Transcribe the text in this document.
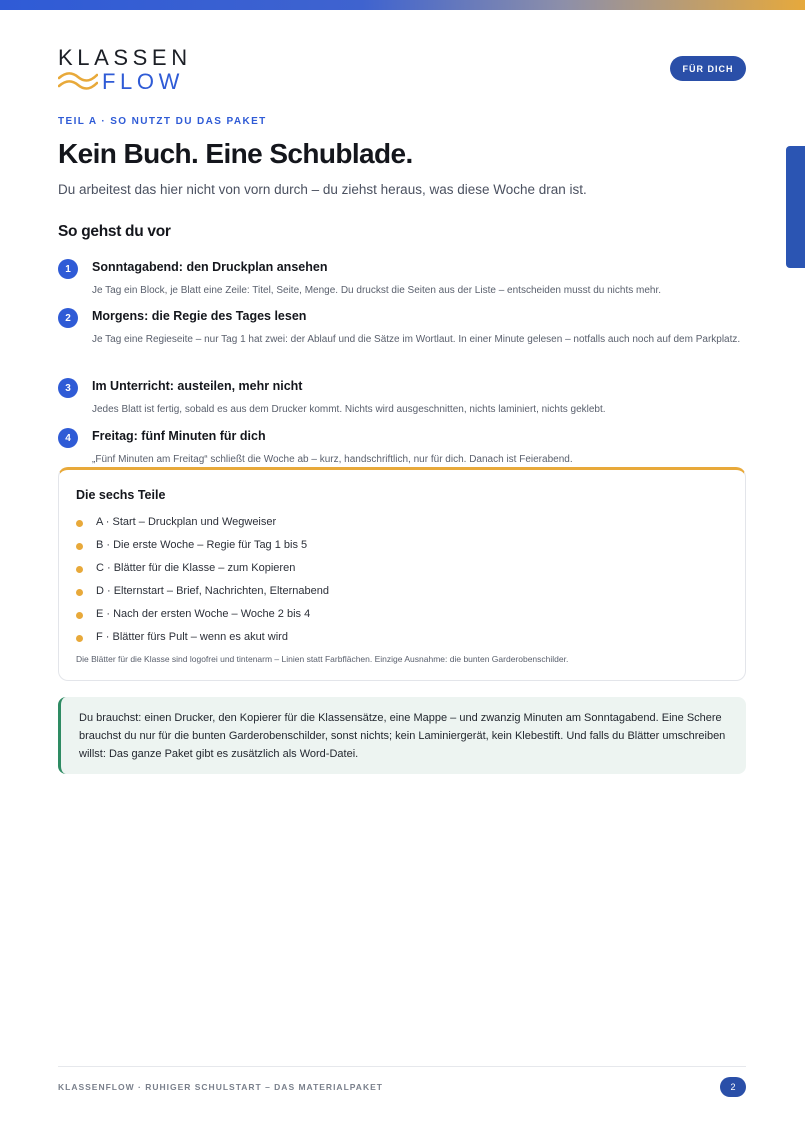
KLASSEN
FLOW
FÜR DICH
TEIL A · SO NUTZT DU DAS PAKET
Kein Buch. Eine Schublade.

Du arbeitest das hier nicht von vorn durch – du ziehst heraus, was diese Woche dran ist.

So gehst du vor
1	Sonntagabend: den Druckplan ansehen
Je Tag ein Block, je Blatt eine Zeile: Titel, Seite, Menge. Du druckst die Seiten aus der Liste – entscheiden musst du nichts mehr.
2	Morgens: die Regie des Tages lesen
Je Tag eine Regieseite – nur Tag 1 hat zwei: der Ablauf und die Sätze im Wortlaut. In einer Minute gelesen – notfalls auch noch auf dem Parkplatz.
3	Im Unterricht: austeilen, mehr nicht
Jedes Blatt ist fertig, sobald es aus dem Drucker kommt. Nichts wird ausgeschnitten, nichts laminiert, nichts geklebt.
4	Freitag: fünf Minuten für dich
„Fünf Minuten am Freitag“ schließt die Woche ab – kurz, handschriftlich, nur für dich. Danach ist Feierabend.
Die sechs Teile
A · Start – Druckplan und Wegweiser
B · Die erste Woche – Regie für Tag 1 bis 5
C · Blätter für die Klasse – zum Kopieren
D · Elternstart – Brief, Nachrichten, Elternabend
E · Nach der ersten Woche – Woche 2 bis 4
F · Blätter fürs Pult – wenn es akut wird
Die Blätter für die Klasse sind logofrei und tintenarm – Linien statt Farbflächen. Einzige Ausnahme: die bunten Garderobenschilder.

Du brauchst: einen Drucker, den Kopierer für die Klassensätze, eine Mappe – und zwanzig Minuten am Sonntagabend. Eine Schere brauchst du nur für die bunten Garderobenschilder, sonst nichts; kein Laminiergerät, kein Klebestift. Und falls du Blätter umschreiben willst: Das ganze Paket gibt es zusätzlich als Word-Datei.

KLASSENFLOW · RUHIGER SCHULSTART – DAS MATERIALPAKET	2
